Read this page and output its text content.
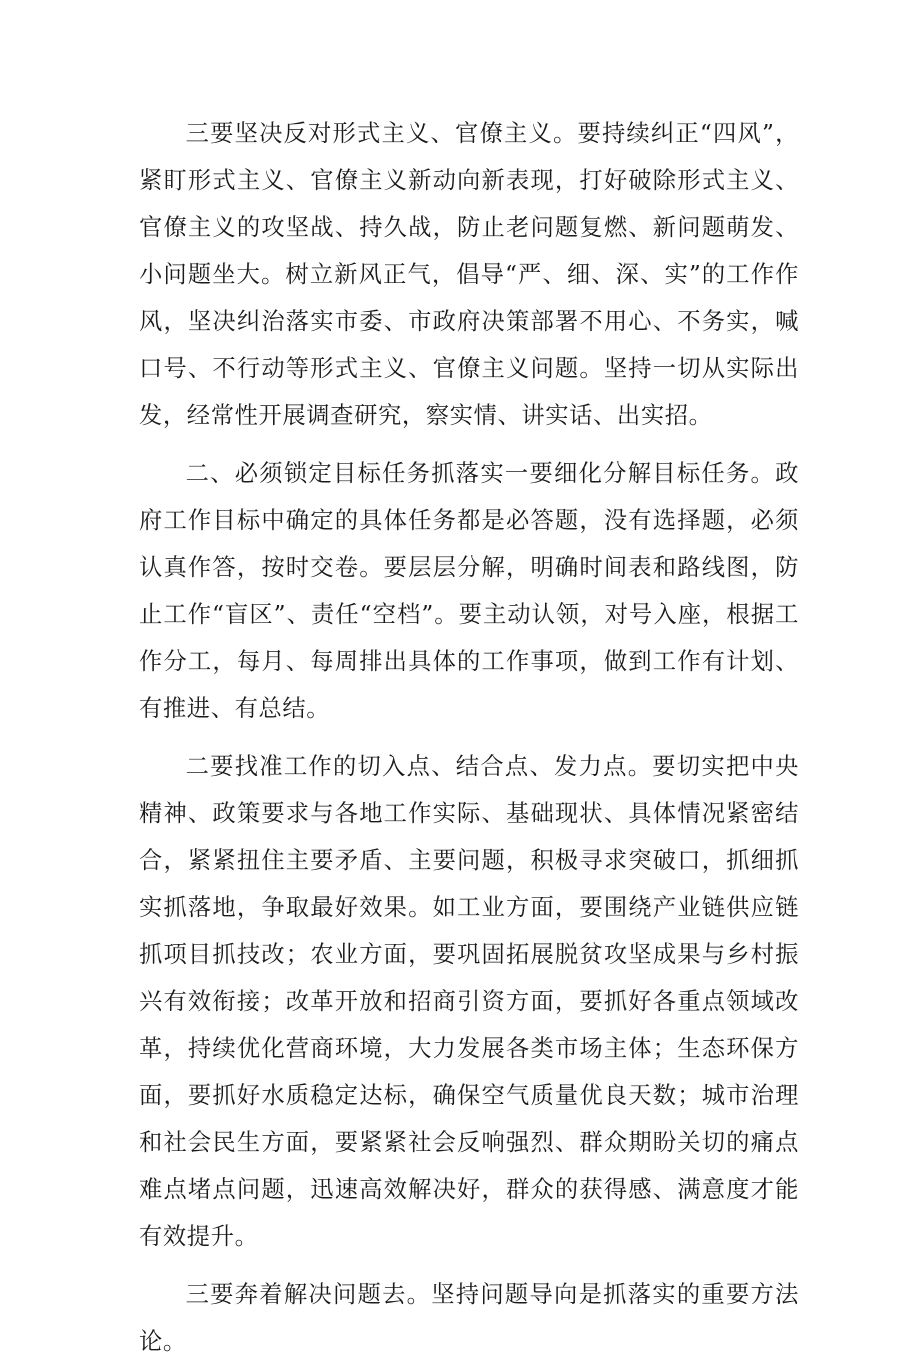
三要坚决反对形式主义、官僚主义。要持续纠正“四风”，紧盯形式主义、官僚主义新动向新表现，打好破除形式主义、官僚主义的攻坚战、持久战，防止老问题复燃、新问题萌发、小问题坐大。树立新风正气，倡导“严、细、深、实”的工作作风，坚决纠治落实市委、市政府决策部署不用心、不务实，喊口号、不行动等形式主义、官僚主义问题。坚持一切从实际出发，经常性开展调查研究，察实情、讲实话、出实招。

二、必须锁定目标任务抓落实一要细化分解目标任务。政府工作目标中确定的具体任务都是必答题，没有选择题，必须认真作答，按时交卷。要层层分解，明确时间表和路线图，防止工作“盲区”、责任“空档”。要主动认领，对号入座，根据工作分工，每月、每周排出具体的工作事项，做到工作有计划、有推进、有总结。

二要找准工作的切入点、结合点、发力点。要切实把中央精神、政策要求与各地工作实际、基础现状、具体情况紧密结合，紧紧扭住主要矛盾、主要问题，积极寻求突破口，抓细抓实抓落地，争取最好效果。如工业方面，要围绕产业链供应链抓项目抓技改；农业方面，要巩固拓展脱贫攻坚成果与乡村振兴有效衔接；改革开放和招商引资方面，要抓好各重点领域改革，持续优化营商环境，大力发展各类市场主体；生态环保方面，要抓好水质稳定达标，确保空气质量优良天数；城市治理和社会民生方面，要紧紧社会反响强烈、群众期盼关切的痛点难点堵点问题，迅速高效解决好，群众的获得感、满意度才能有效提升。

三要奔着解决问题去。坚持问题导向是抓落实的重要方法论。
